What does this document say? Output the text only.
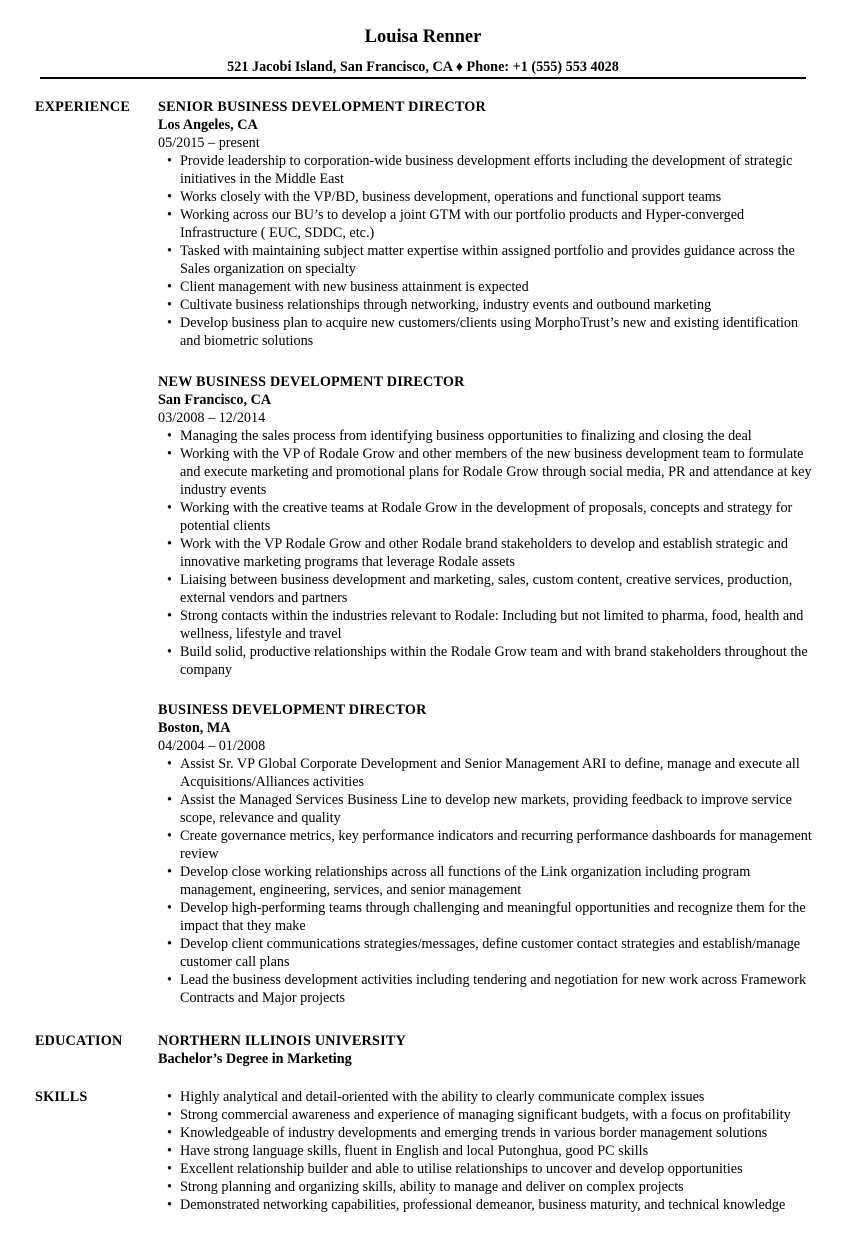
Louisa Renner
521 Jacobi Island, San Francisco, CA ♦ Phone: +1 (555) 553 4028
EXPERIENCE SENIOR BUSINESS DEVELOPMENT DIRECTOR
Los Angeles, CA
05/2015 – present
• Provide leadership to corporation-wide business development efforts including the development of strategic initiatives in the Middle East
• Works closely with the VP/BD, business development, operations and functional support teams
• Working across our BU’s to develop a joint GTM with our portfolio products and Hyper-converged Infrastructure ( EUC, SDDC, etc.)
• Tasked with maintaining subject matter expertise within assigned portfolio and provides guidance across the Sales organization on specialty
• Client management with new business attainment is expected
• Cultivate business relationships through networking, industry events and outbound marketing
• Develop business plan to acquire new customers/clients using MorphoTrust’s new and existing identification and biometric solutions
NEW BUSINESS DEVELOPMENT DIRECTOR
San Francisco, CA
03/2008 – 12/2014
• Managing the sales process from identifying business opportunities to finalizing and closing the deal
• Working with the VP of Rodale Grow and other members of the new business development team to formulate and execute marketing and promotional plans for Rodale Grow through social media, PR and attendance at key industry events
• Working with the creative teams at Rodale Grow in the development of proposals, concepts and strategy for potential clients
• Work with the VP Rodale Grow and other Rodale brand stakeholders to develop and establish strategic and innovative marketing programs that leverage Rodale assets
• Liaising between business development and marketing, sales, custom content, creative services, production, external vendors and partners
• Strong contacts within the industries relevant to Rodale: Including but not limited to pharma, food, health and wellness, lifestyle and travel
• Build solid, productive relationships within the Rodale Grow team and with brand stakeholders throughout the company
BUSINESS DEVELOPMENT DIRECTOR
Boston, MA
04/2004 – 01/2008
• Assist Sr. VP Global Corporate Development and Senior Management ARI to define, manage and execute all Acquisitions/Alliances activities
• Assist the Managed Services Business Line to develop new markets, providing feedback to improve service scope, relevance and quality
• Create governance metrics, key performance indicators and recurring performance dashboards for management review
• Develop close working relationships across all functions of the Link organization including program management, engineering, services, and senior management
• Develop high-performing teams through challenging and meaningful opportunities and recognize them for the impact that they make
• Develop client communications strategies/messages, define customer contact strategies and establish/manage customer call plans
• Lead the business development activities including tendering and negotiation for new work across Framework Contracts and Major projects
EDUCATION	NORTHERN ILLINOIS UNIVERSITY
Bachelor’s Degree in Marketing
SKILLS
•	Highly analytical and detail-oriented with the ability to clearly communicate complex issues
• Strong commercial awareness and experience of managing significant budgets, with a focus on profitability
• Knowledgeable of industry developments and emerging trends in various border management solutions
• Have strong language skills, fluent in English and local Putonghua, good PC skills
• Excellent relationship builder and able to utilise relationships to uncover and develop opportunities
• Strong planning and organizing skills, ability to manage and deliver on complex projects
• Demonstrated networking capabilities, professional demeanor, business maturity, and technical knowledge
